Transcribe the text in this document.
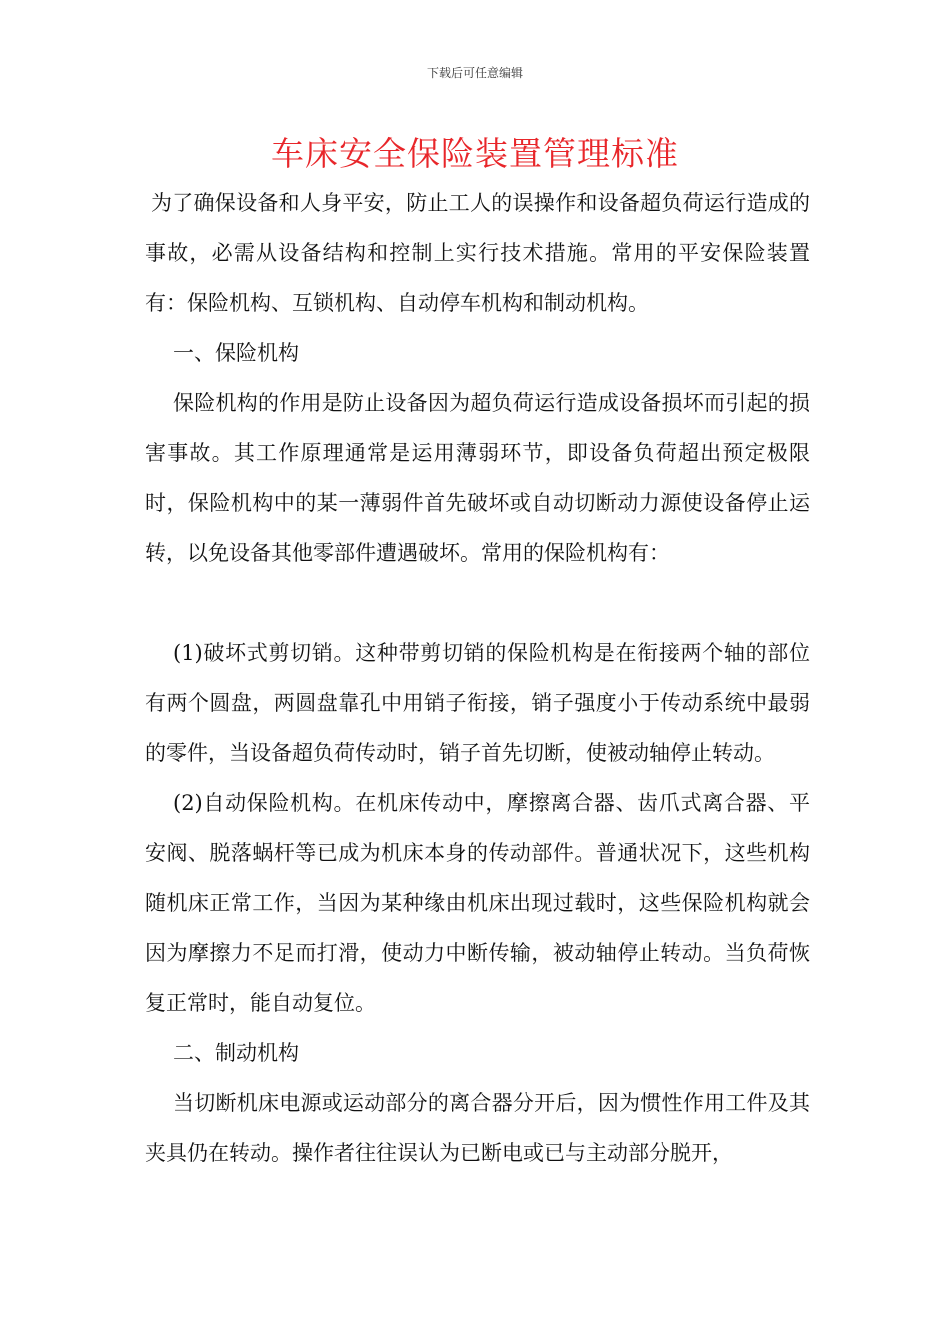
下载后可任意编辑
车床安全保险装置管理标准

为了确保设备和人身平安，防止工人的误操作和设备超负荷运行造成的事故，必需从设备结构和控制上实行技术措施。常用的平安保险装置有：保险机构、互锁机构、自动停车机构和制动机构。

一、保险机构

保险机构的作用是防止设备因为超负荷运行造成设备损坏而引起的损害事故。其工作原理通常是运用薄弱环节，即设备负荷超出预定极限时，保险机构中的某一薄弱件首先破坏或自动切断动力源使设备停止运转，以免设备其他零部件遭遇破坏。常用的保险机构有：

(1)破坏式剪切销。这种带剪切销的保险机构是在衔接两个轴的部位有两个圆盘，两圆盘靠孔中用销子衔接，销子强度小于传动系统中最弱的零件，当设备超负荷传动时，销子首先切断，使被动轴停止转动。

(2)自动保险机构。在机床传动中，摩擦离合器、齿爪式离合器、平安阀、脱落蜗杆等已成为机床本身的传动部件。普通状况下，这些机构随机床正常工作，当因为某种缘由机床出现过载时，这些保险机构就会因为摩擦力不足而打滑，使动力中断传输，被动轴停止转动。当负荷恢复正常时，能自动复位。

二、制动机构

当切断机床电源或运动部分的离合器分开后，因为惯性作用工件及其夹具仍在转动。操作者往往误认为已断电或已与主动部分脱开，
